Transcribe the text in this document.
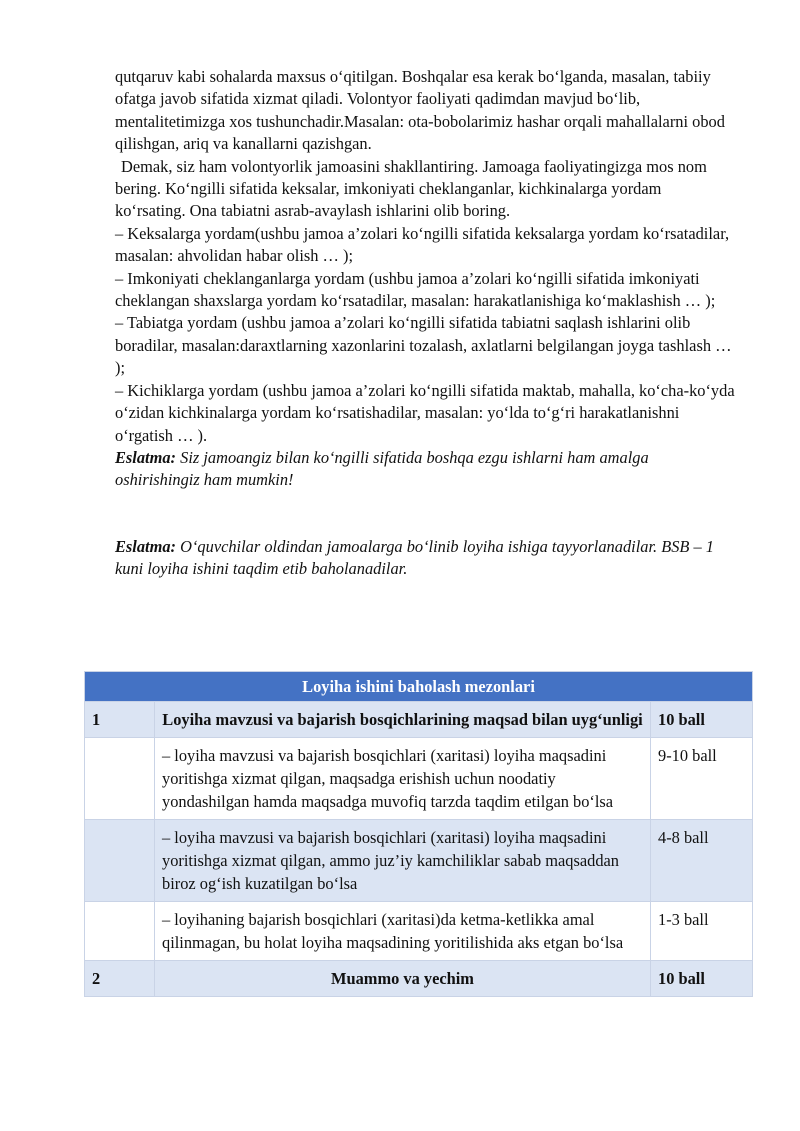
qutqaruv kabi sohalarda maxsus oʻqitilgan. Boshqalar esa kerak boʻlganda, masalan, tabiiy ofatga javob sifatida xizmat qiladi. Volontyor faoliyati qadimdan mavjud boʻlib, mentalitetimizga xos tushunchadir.Masalan: ota-bobolarimiz hashar orqali mahallalarni obod qilishgan, ariq va kanallarni qazishgan.

Demak, siz ham volontyorlik jamoasini shakllantiring. Jamoaga faoliyatingizga mos nom bering. Koʻngilli sifatida keksalar, imkoniyati cheklanganlar, kichkinalarga yordam koʻrsating. Ona tabiatni asrab-avaylash ishlarini olib boring.

– Keksalarga yordam(ushbu jamoa a’zolari koʻngilli sifatida keksalarga yordam koʻrsatadilar, masalan: ahvolidan habar olish … );

– Imkoniyati cheklanganlarga yordam (ushbu jamoa a’zolari koʻngilli sifatida imkoniyati cheklangan shaxslarga yordam koʻrsatadilar, masalan: harakatlanishiga koʻmaklashish … );

– Tabiatga yordam (ushbu jamoa a’zolari koʻngilli sifatida tabiatni saqlash ishlarini olib boradilar, masalan:daraxtlarning xazonlarini tozalash, axlatlarni belgilangan joyga tashlash … );

– Kichiklarga yordam (ushbu jamoa a’zolari koʻngilli sifatida maktab, mahalla, koʻcha-koʻyda oʻzidan kichkinalarga yordam koʻrsatishadilar, masalan: yoʻlda toʻgʻri harakatlanishni oʻrgatish … ).

Eslatma: Siz jamoangiz bilan koʻngilli sifatida boshqa ezgu ishlarni ham amalga oshirishingiz ham mumkin!

Eslatma: Oʻquvchilar oldindan jamoalarga boʻlinib loyiha ishiga tayyorlanadilar. BSB – 1 kuni loyiha ishini taqdim etib baholanadilar.

Loyiha ishini baholash mezonlari		
1	Loyiha mavzusi va bajarish bosqichlarining maqsad bilan uygʻunligi	10 ball
	– loyiha mavzusi va bajarish bosqichlari (xaritasi) loyiha maqsadini yoritishga xizmat qilgan, maqsadga erishish uchun noodatiy yondashilgan hamda maqsadga muvofiq tarzda taqdim etilgan boʻlsa	9-10 ball
	– loyiha mavzusi va bajarish bosqichlari (xaritasi) loyiha maqsadini yoritishga xizmat qilgan, ammo juz’iy kamchiliklar sabab maqsaddan biroz ogʻish kuzatilgan boʻlsa	4-8 ball
	– loyihaning bajarish bosqichlari (xaritasi)da ketma-ketlikka amal qilinmagan, bu holat loyiha maqsadining yoritilishida aks etgan boʻlsa	1-3 ball
2	Muammo va yechim	10 ball
